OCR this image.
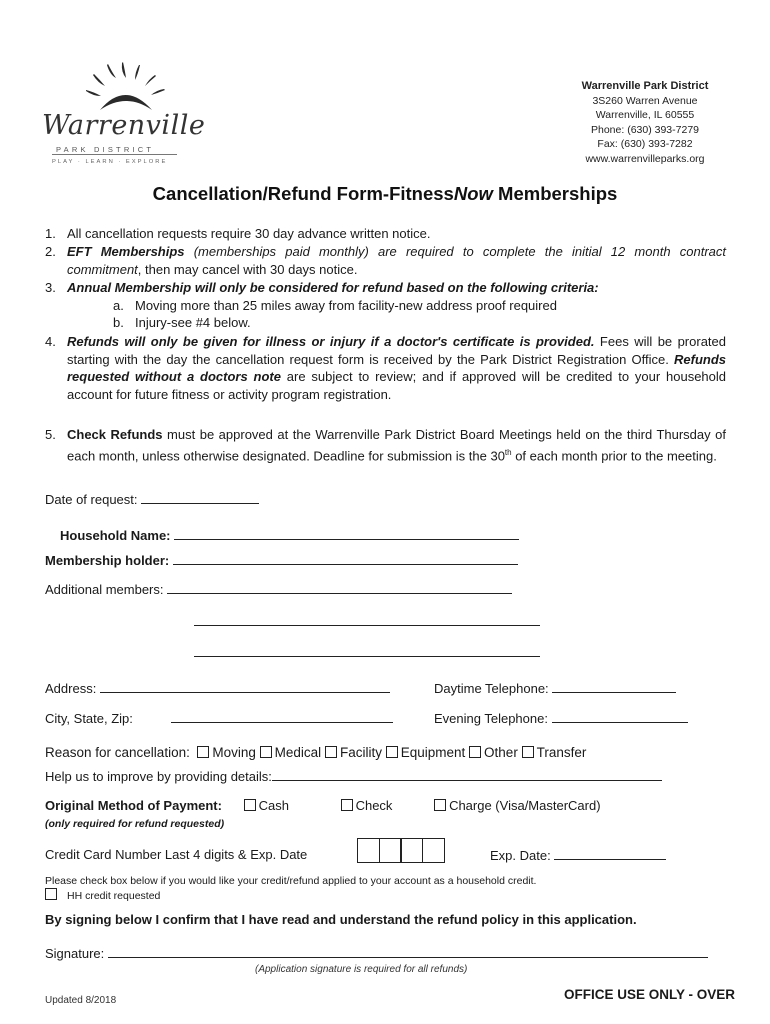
Warrenville
PARK DISTRICT
PLAY · LEARN · EXPLORE
Warrenville Park District
3S260 Warren Avenue
Warrenville, IL 60555
Phone: (630) 393-7279
Fax: (630) 393-7282
www.warrenvilleparks.org
Cancellation/Refund Form-FitnessNow Memberships
1. All cancellation requests require 30 day advance written notice.
2. EFT Memberships (memberships paid monthly) are required to complete the initial 12 month contract commitment, then may cancel with 30 days notice.
3. Annual Membership will only be considered for refund based on the following criteria:
a. Moving more than 25 miles away from facility-new address proof required
b. Injury-see #4 below.
4. Refunds will only be given for illness or injury if a doctor's certificate is provided. Fees will be prorated starting with the day the cancellation request form is received by the Park District Registration Office. Refunds requested without a doctors note are subject to review; and if approved will be credited to your household account for future fitness or activity program registration.
5. Check Refunds must be approved at the Warrenville Park District Board Meetings held on the third Thursday of each month, unless otherwise designated. Deadline for submission is the 30th of each month prior to the meeting.
Date of request:
Household Name:
Membership holder:
Additional members:
Address:	Daytime Telephone:
City, State, Zip:	Evening Telephone:
Reason for cancellation: Moving Medical Facility Equipment Other Transfer
Help us to improve by providing details:
Original Method of Payment:	Cash	Check	Charge (Visa/MasterCard)
(only required for refund requested)
Credit Card Number Last 4 digits & Exp. Date	Exp. Date:
Please check box below if you would like your credit/refund applied to your account as a household credit.
HH credit requested
By signing below I confirm that I have read and understand the refund policy in this application.
Signature:
(Application signature is required for all refunds)
Updated 8/2018	OFFICE USE ONLY - OVER
